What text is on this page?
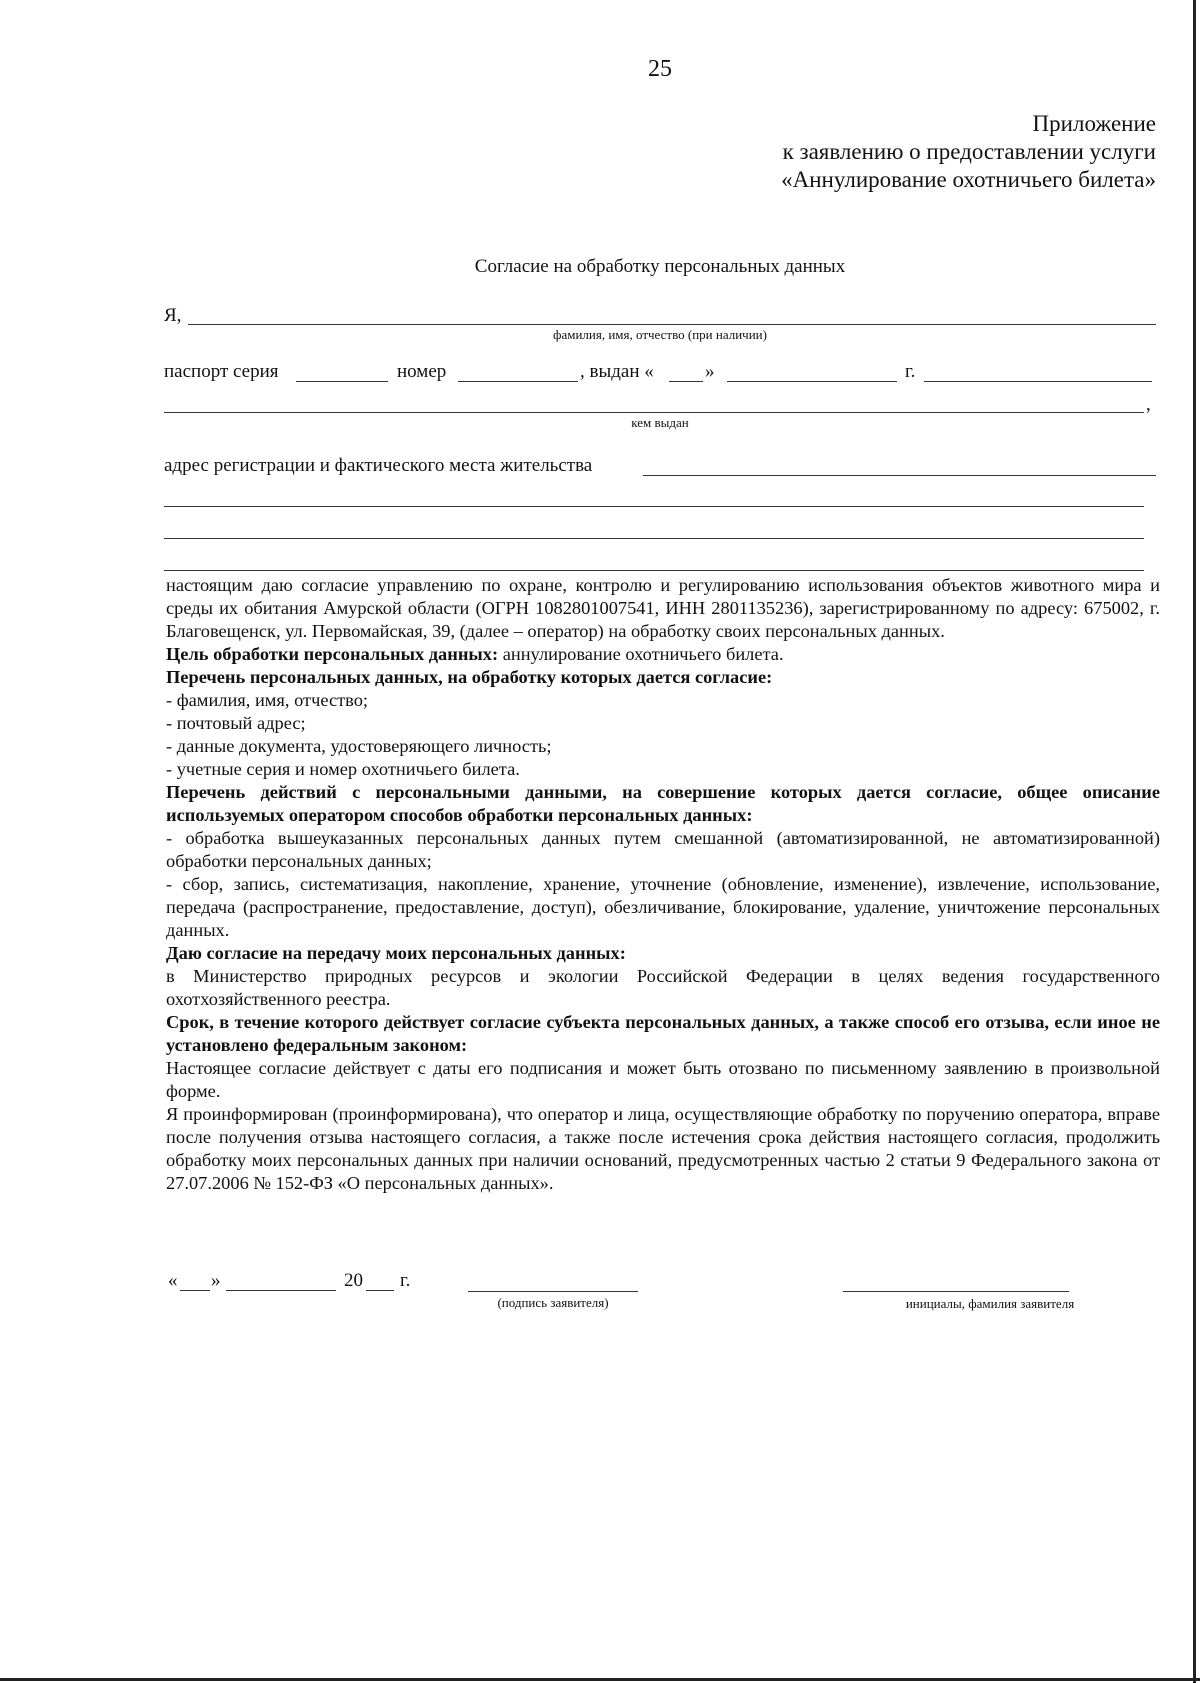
25
Приложение
к заявлению о предоставлении услуги
«Аннулирование охотничьего билета»
Согласие на обработку персональных данных
Я,
фамилия, имя, отчество (при наличии)
паспорт серия	номер	, выдан «	»	г.
,
кем выдан
адрес регистрации и фактического места жительства

настоящим даю согласие управлению по охране, контролю и регулированию использования объектов животного мира и среды их обитания Амурской области (ОГРН 1082801007541, ИНН 2801135236), зарегистрированному по адресу: 675002, г. Благовещенск, ул. Первомайская, 39, (далее – оператор) на обработку своих персональных данных.

Цель обработки персональных данных: аннулирование охотничьего билета.

Перечень персональных данных, на обработку которых дается согласие:

- фамилия, имя, отчество;

- почтовый адрес;

- данные документа, удостоверяющего личность;

- учетные серия и номер охотничьего билета.

Перечень действий с персональными данными, на совершение которых дается согласие, общее описание используемых оператором способов обработки персональных данных:

- обработка вышеуказанных персональных данных путем смешанной (автоматизированной, не автоматизированной) обработки персональных данных;

- сбор, запись, систематизация, накопление, хранение, уточнение (обновление, изменение), извлечение, использование, передача (распространение, предоставление, доступ), обезличивание, блокирование, удаление, уничтожение персональных данных.

Даю согласие на передачу моих персональных данных:

в Министерство природных ресурсов и экологии Российской Федерации в целях ведения государственного охотхозяйственного реестра.

Срок, в течение которого действует согласие субъекта персональных данных, а также способ его отзыва, если иное не установлено федеральным законом:

Настоящее согласие действует с даты его подписания и может быть отозвано по письменному заявлению в произвольной форме.

Я проинформирован (проинформирована), что оператор и лица, осуществляющие обработку по поручению оператора, вправе после получения отзыва настоящего согласия, а также после истечения срока действия настоящего согласия, продолжить обработку моих персональных данных при наличии оснований, предусмотренных частью 2 статьи 9 Федерального закона от 27.07.2006 № 152-ФЗ «О персональных данных».

« »	20 г.
(подпись заявителя)	инициалы, фамилия заявителя
